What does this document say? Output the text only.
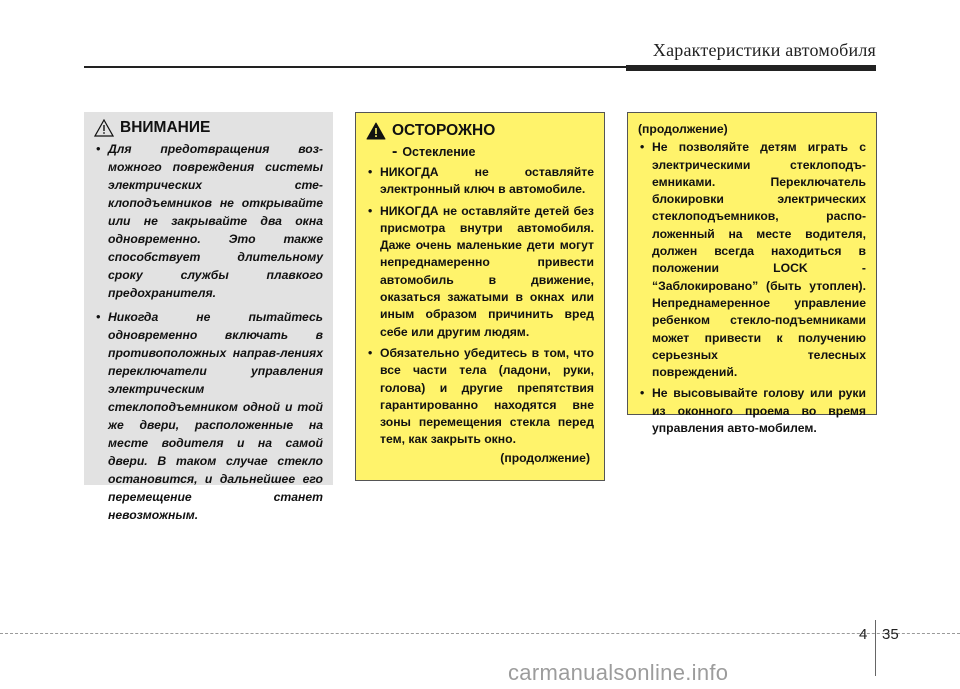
Характеристики автомобиля
ВНИМАНИЕ
• Для предотвращения воз-можного повреждения системы электрических сте-клоподъемников не открывайте или не закрывайте два окна одновременно. Это также способствует длительному сроку службы плавкого предохранителя.
• Никогда не пытайтесь одновременно включать в противоположных направ-лениях переключатели управления электрическим стеклоподъемником одной и той же двери, расположенные на месте водителя и на самой двери. В таком случае стекло остановится, и дальнейшее его перемещение станет невозможным.
ОСТОРОЖНО
- Остекление
• НИКОГДА не оставляйте электронный ключ в автомобиле.
• НИКОГДА не оставляйте детей без присмотра внутри автомобиля. Даже очень маленькие дети могут непреднамеренно привести автомобиль в движение, оказаться зажатыми в окнах или иным образом причинить вред себе или другим людям.
• Обязательно убедитесь в том, что все части тела (ладони, руки, голова) и другие препятствия гарантированно находятся вне зоны перемещения стекла перед тем, как закрыть окно.
(продолжение)
(продолжение)
• Не позволяйте детям играть с электрическими стеклоподъ-емниками. Переключатель блокировки электрических стеклоподъемников, распо-ложенный на месте водителя, должен всегда находиться в положении LOCK - “Заблокировано” (быть утоплен). Непреднамеренное управление ребенком стекло-подъемниками может привести к получению серьезных телесных повреждений.
• Не высовывайте голову или руки из оконного проема во время управления авто-мобилем.
4 35
carmanualsonline.info
